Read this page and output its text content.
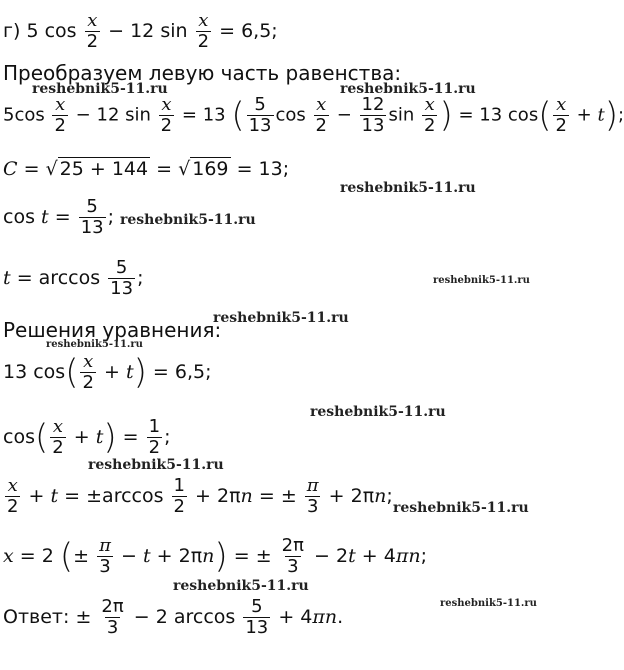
г) 5 $\cos \frac{x}{2} - 12$ $\sin \frac{x}{2} = 6,5$;
Преобразуем левую часть равенства:
$5\cos \frac{x}{2} - 12$ $\sin \frac{x}{2} = 13$ ( $\frac{5}{13}$ $\cos \frac{x}{2} - \frac{12}{13}$ $\sin \frac{x}{2}$ ) = 13 $\cos( \frac{x}{2} + t)$;
C = √ 25 + 144 = √ 169 = 13;
$\cos t = \frac{5}{13}$ ;
$t = \arccos \frac{5}{13}$ ;
Решения уравнения:
13 $\cos( \frac{x}{2} + t) = 6,5$;
$\cos( \frac{x}{2} + t) = \frac{1}{2}$ ;
$\frac{x}{2} + t = \pm\arccos \frac{1}{2} + 2\pi n$ = ± $\frac{\pi}{3} + 2\pi n$;
x = 2 (± $\frac{\pi}{3} - t + 2\pi n$) = ± $\frac{2\pi}{3} - 2t + 4\pi n$;
Ответ: ± $\frac{2\pi}{3} - 2$ $\arccos \frac{5}{13} + 4\pi n$.
reshebnik5-11.ru	reshebnik5-11.ru
reshebnik5-11.ru
reshebnik5-11.ru
reshebnik5-11.ru
reshebnik5-11.ru
reshebnik5-11.ru
reshebnik5-11.ru
reshebnik5-11.ru
reshebnik5-11.ru
reshebnik5-11.ru
reshebnik5-11.ru
